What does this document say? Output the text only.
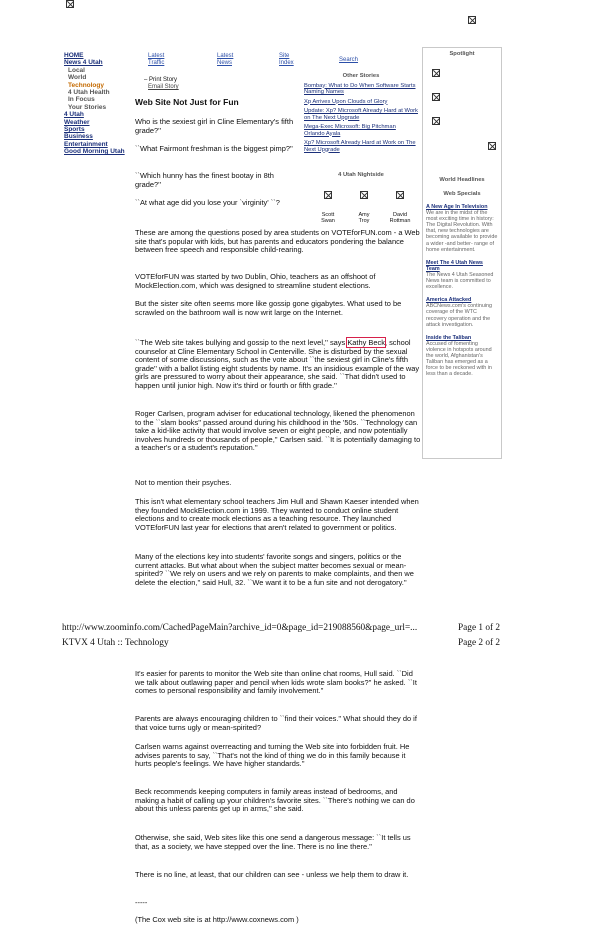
HOME
News 4 Utah
Local
World
Technology
4 Utah Health
In Focus
Your Stories
4 Utah
Weather
Sports
Business
Entertainment
Good Morning Utah
Latest
Traffic
Latest
News
Site
Index	Search
– Print Story
Email Story
Web Site Not Just for Fun

Who is the sexiest girl in Cline Elementary's fifth grade?''

``What Fairmont freshman is the biggest pimp?''

``Which hunny has the finest bootay in 8th grade?''

``At what age did you lose your `virginity' ``?

These are among the questions posed by area students on VOTEforFUN.com - a Web site that's popular with kids, but has parents and educators pondering the balance between free speech and responsible child-rearing.

VOTEforFUN was started by two Dublin, Ohio, teachers as an offshoot of MockElection.com, which was designed to streamline student elections.

But the sister site often seems more like gossip gone gigabytes. What used to be scrawled on the bathroom wall is now writ large on the Internet.

``The Web site takes bullying and gossip to the next level,'' says Kathy Beck, school counselor at Cline Elementary School in Centerville. She is disturbed by the sexual content of some discussions, such as the vote about ``the sexiest girl in Cline's fifth grade'' with a ballot listing eight students by name. It's an insidious example of the way girls are pressured to worry about their appearance, she said. ``That didn't used to happen until junior high. Now it's third or fourth or fifth grade.''

Roger Carlsen, program adviser for educational technology, likened the phenomenon to the ``slam books'' passed around during his childhood in the '50s. ``Technology can take a kid-like activity that would involve seven or eight people, and now potentially involves hundreds or thousands of people,'' Carlsen said. ``It is potentially damaging to a teacher's or a student's reputation.''

Not to mention their psyches.

This isn't what elementary school teachers Jim Hull and Shawn Kaeser intended when they founded MockElection.com in 1999. They wanted to conduct online student elections and to create mock elections as a teaching resource. They launched VOTEforFUN last year for elections that aren't related to government or politics.

Many of the elections key into students' favorite songs and singers, politics or the current attacks. But what about when the subject matter becomes sexual or mean-spirited? ``We rely on users and we rely on parents to make complaints, and then we delete the election,'' said Hull, 32. ``We want it to be a fun site and not derogatory.''

Other Stories
Bombay: What to Do When Software Starts Naming Names
Xp Arrives Upon Clouds of Glory
Update: Xp? Microsoft Already Hard at Work on The Next Upgrade
Mega-Exec Microsoft: Big Pitchman Orlando Ayala
Xp? Microsoft Already Hard at Work on The Next Upgrade
4 Utah Nightside
Scott
Swan
Amy
Troy
David
Rottman
Spotlight
World Headlines
Web Specials
A New Age In Television
We are in the midst of the most exciting time in history: The Digital Revolution. With that, new technologies are becoming available to provide a wider -and better- range of home entertainment.
Meet The 4 Utah News Team
The News 4 Utah Seasoned News team is committed to excellence.
America Attacked
ABCNews.com's continuing coverage of the WTC recovery operation and the attack investigation.
Inside the Taliban
Accused of fomenting violence in hotspots around the world, Afghanistan's Taliban has emerged as a force to be reckoned with in less than a decade.
http://www.zoominfo.com/CachedPageMain?archive_id=0&page_id=219088560&page_url=...	Page 1 of 2
KTVX 4 Utah :: Technology	Page 2 of 2

It's easier for parents to monitor the Web site than online chat rooms, Hull said. ``Did we talk about outlawing paper and pencil when kids wrote slam books?'' he asked. ``It comes to personal responsibility and family involvement.''

Parents are always encouraging children to ``find their voices.'' What should they do if that voice turns ugly or mean-spirited?

Carlsen warns against overreacting and turning the Web site into forbidden fruit. He advises parents to say, ``That's not the kind of thing we do in this family because it hurts people's feelings. We have higher standards.''

Beck recommends keeping computers in family areas instead of bedrooms, and making a habit of calling up your children's favorite sites. ``There's nothing we can do about this unless parents get up in arms,'' she said.

Otherwise, she said, Web sites like this one send a dangerous message: ``It tells us that, as a society, we have stepped over the line. There is no line there.''

There is no line, at least, that our children can see - unless we help them to draw it.

-----

(The Cox web site is at http://www.coxnews.com )
